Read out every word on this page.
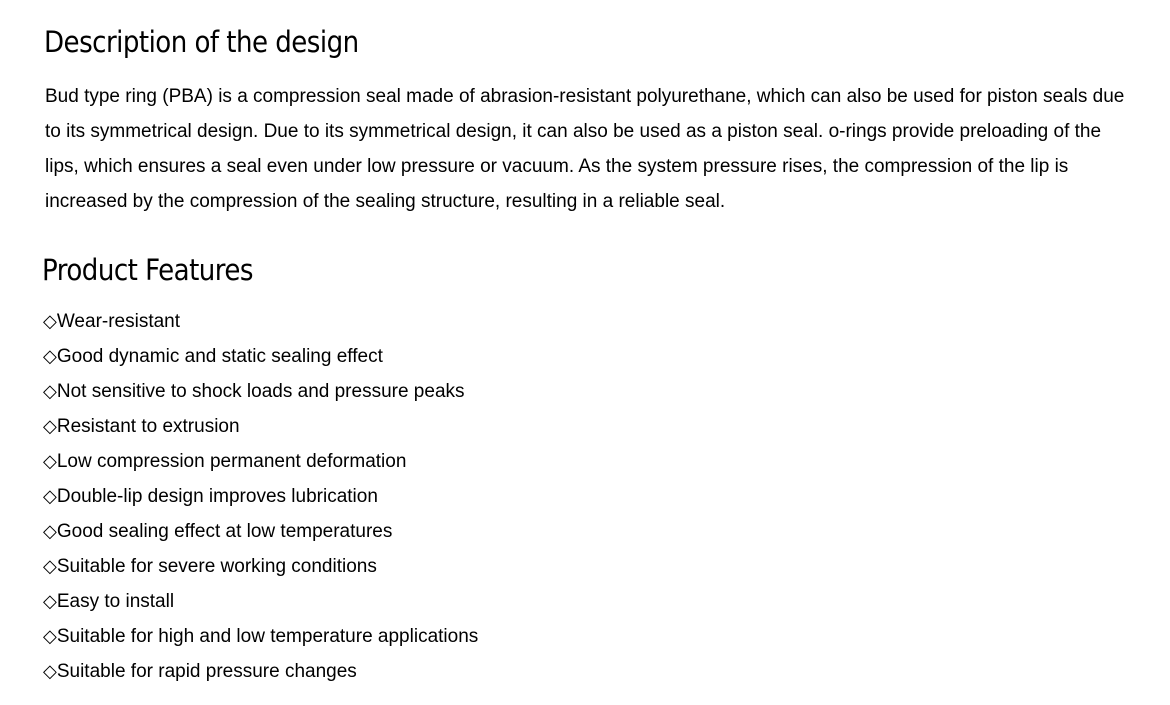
Description of the design

Bud type ring (PBA) is a compression seal made of abrasion-resistant polyurethane, which can also be used for piston seals due to its symmetrical design. Due to its symmetrical design, it can also be used as a piston seal. o-rings provide preloading of the lips, which ensures a seal even under low pressure or vacuum. As the system pressure rises, the compression of the lip is increased by the compression of the sealing structure, resulting in a reliable seal.

Product Features
◇Wear-resistant
◇Good dynamic and static sealing effect
◇Not sensitive to shock loads and pressure peaks
◇Resistant to extrusion
◇Low compression permanent deformation
◇Double-lip design improves lubrication
◇Good sealing effect at low temperatures
◇Suitable for severe working conditions
◇Easy to install
◇Suitable for high and low temperature applications
◇Suitable for rapid pressure changes
